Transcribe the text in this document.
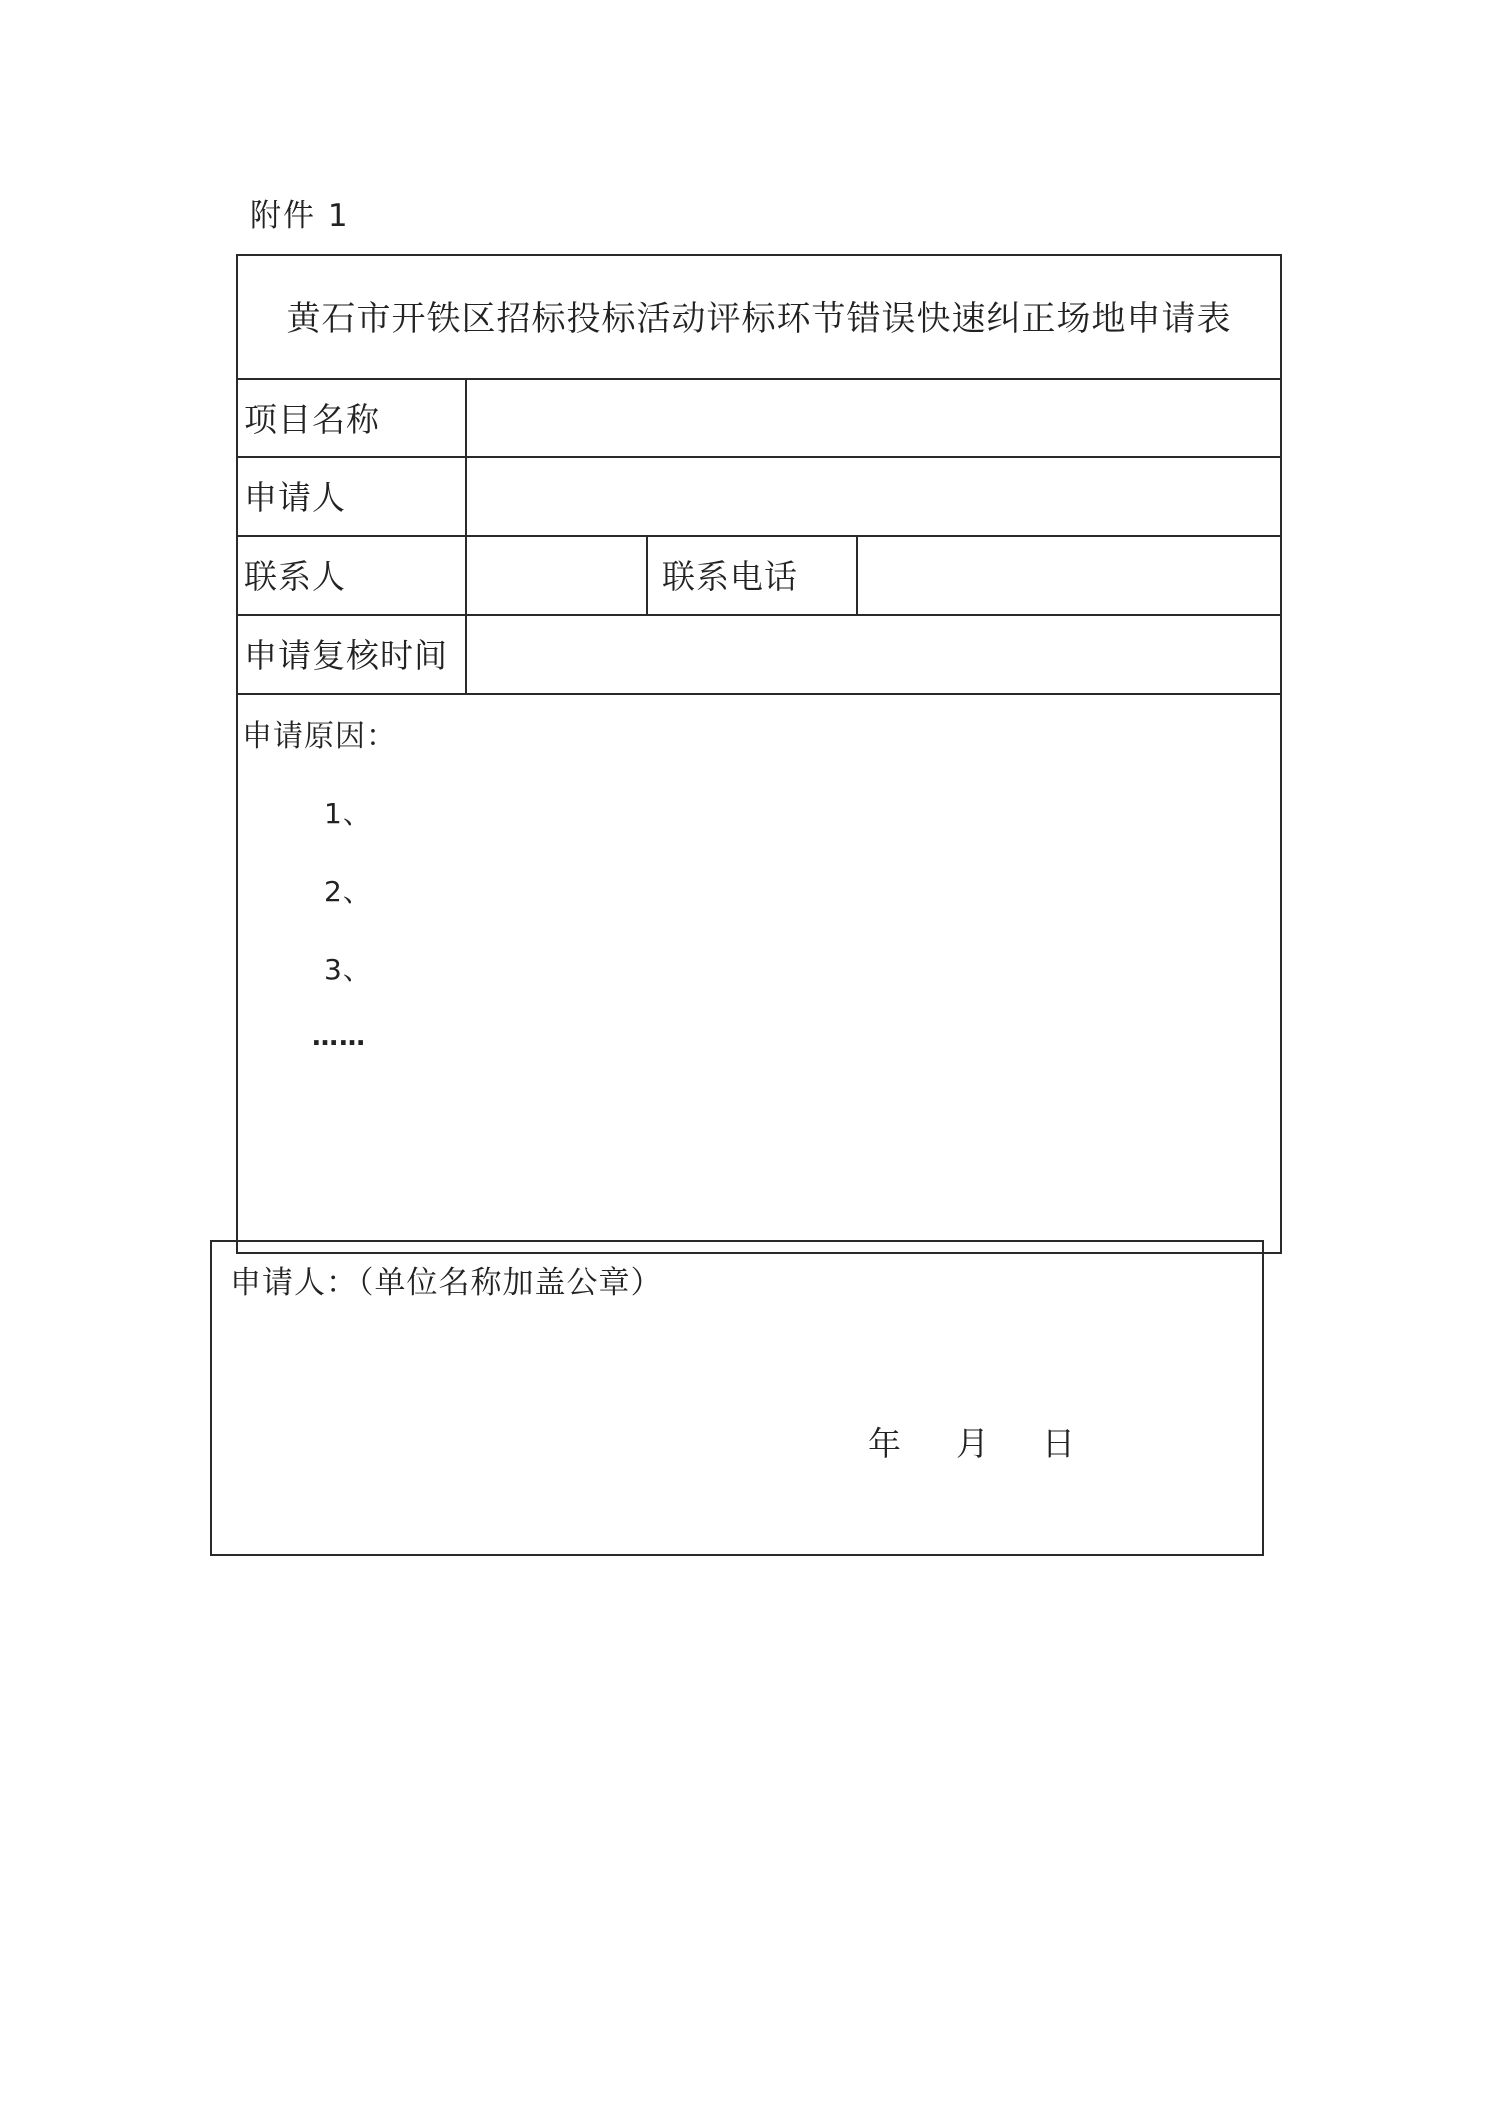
附件 1
黄石市开铁区招标投标活动评标环节错误快速纠正场地申请表
项目名称
申请人
联系人	联系电话
申请复核时间
申请原因：
1、
2、
3、
……
申请人：（单位名称加盖公章）
年 月 日
